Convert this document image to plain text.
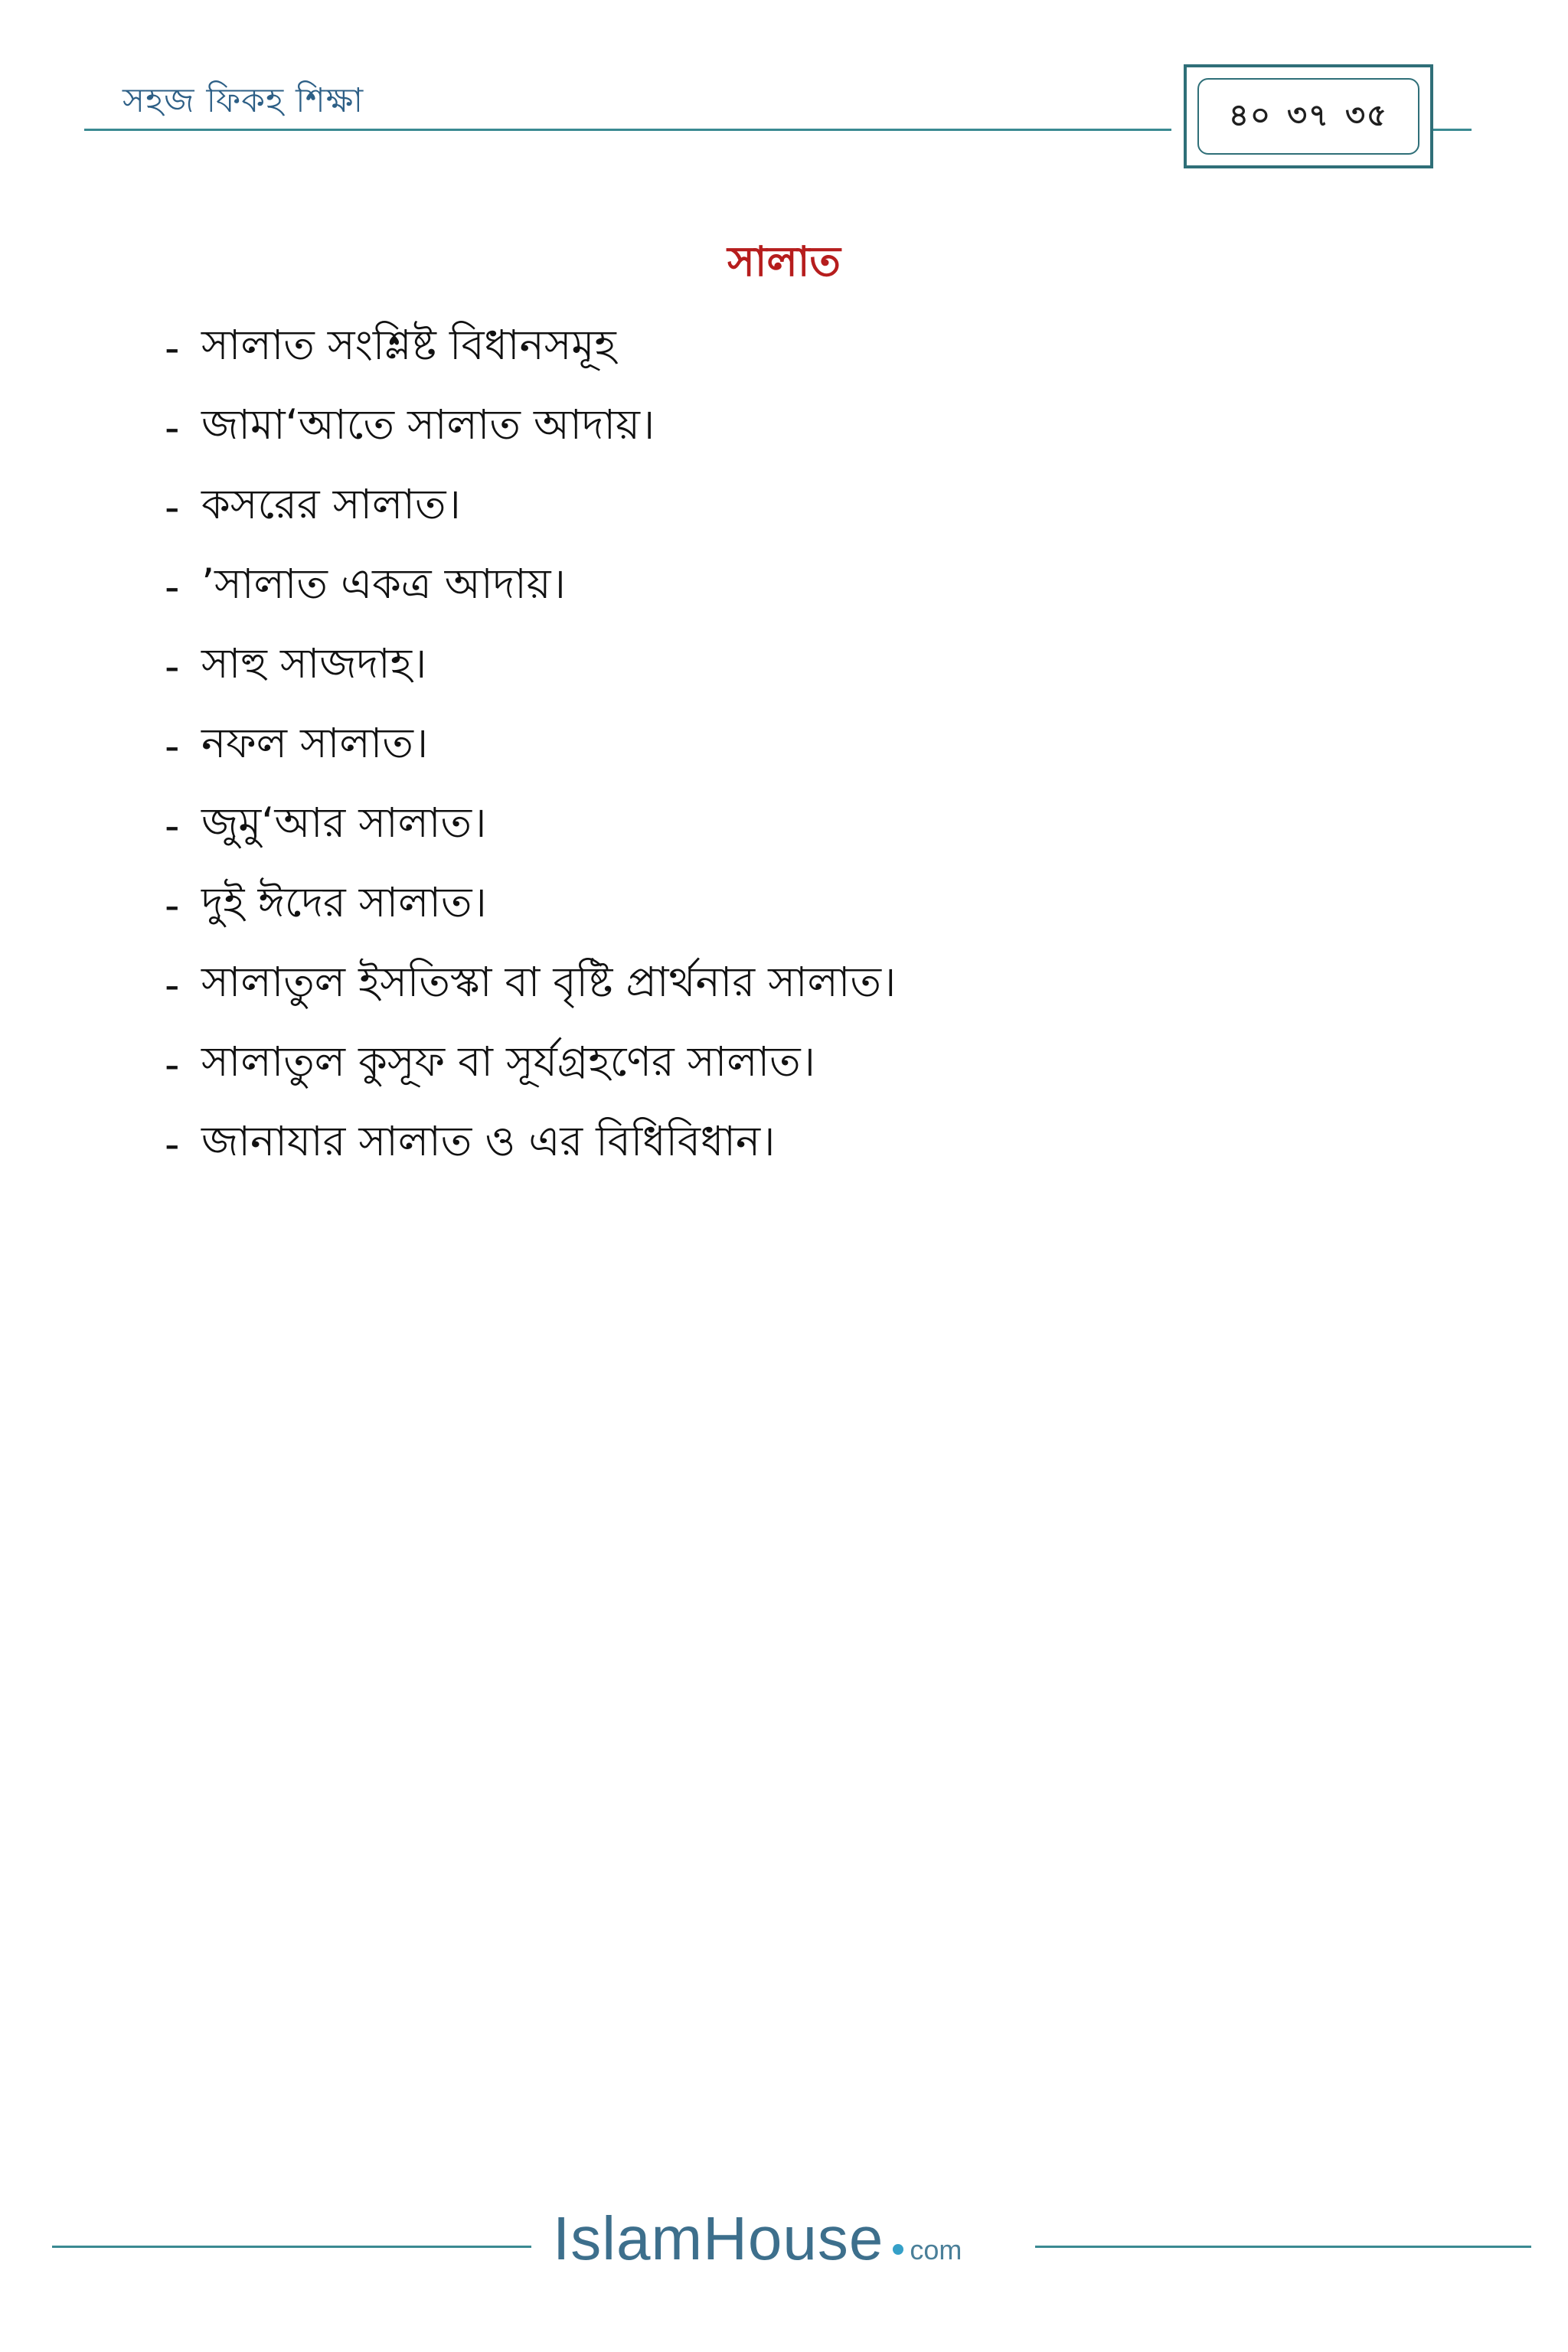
সহজ ফিকহ শিক্ষা	৪০ ৩৭ ৩৫
সালাত
- সালাত সংশ্লিষ্ট বিধানসমূহ
- জামা‘আতে সালাত আদায়।
- কসরের সালাত।
- ’সালাত একত্র আদায়।
- সাহু সাজদাহ।
- নফল সালাত।
- জুমু‘আর সালাত।
- দুই ঈদের সালাত।
- সালাতুল ইসতিস্কা বা বৃষ্টি প্রার্থনার সালাত।
- সালাতুল কুসূফ বা সূর্যগ্রহণের সালাত।
- জানাযার সালাত ও এর বিধিবিধান।
IslamHouse com
